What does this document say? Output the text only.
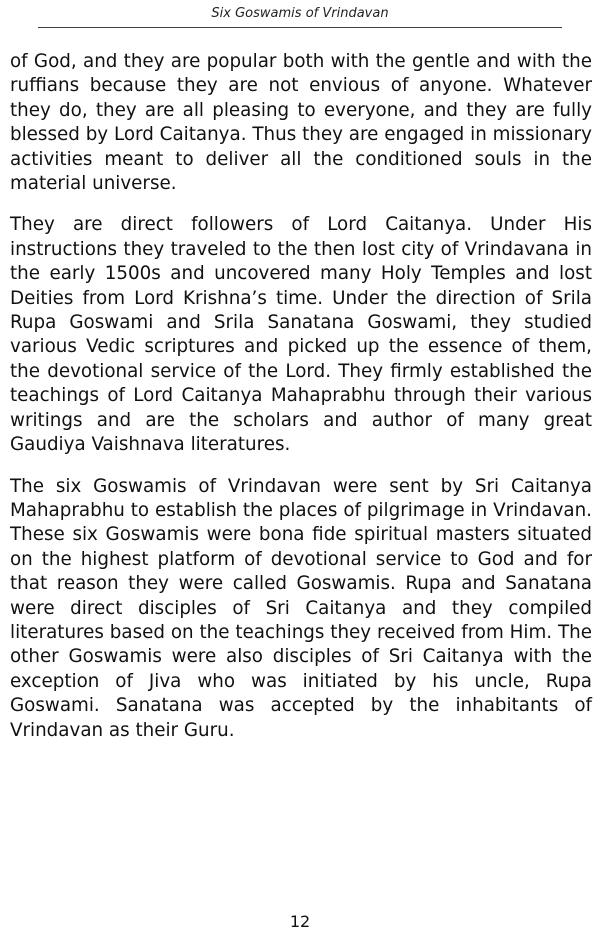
Six Goswamis of Vrindavan

of God, and they are popular both with the gentle and with the ruffians because they are not envious of anyone. Whatever they do, they are all pleasing to everyone, and they are fully blessed by Lord Caitanya. Thus they are engaged in missionary activities meant to deliver all the conditioned souls in the material universe.

They are direct followers of Lord Caitanya. Under His instructions they traveled to the then lost city of Vrindavana in the early 1500s and uncovered many Holy Temples and lost Deities from Lord Krishna’s time. Under the direction of Srila Rupa Goswami and Srila Sanatana Goswami, they studied various Vedic scriptures and picked up the essence of them, the devotional service of the Lord. They firmly established the teachings of Lord Caitanya Mahaprabhu through their various writings and are the scholars and author of many great Gaudiya Vaishnava literatures.

The six Goswamis of Vrindavan were sent by Sri Caitanya Mahaprabhu to establish the places of pilgrimage in Vrindavan. These six Goswamis were bona fide spiritual masters situated on the highest platform of devotional service to God and for that reason they were called Goswamis. Rupa and Sanatana were direct disciples of Sri Caitanya and they compiled literatures based on the teachings they received from Him. The other Goswamis were also disciples of Sri Caitanya with the exception of Jiva who was initiated by his uncle, Rupa Goswami. Sanatana was accepted by the inhabitants of Vrindavan as their Guru.

12
